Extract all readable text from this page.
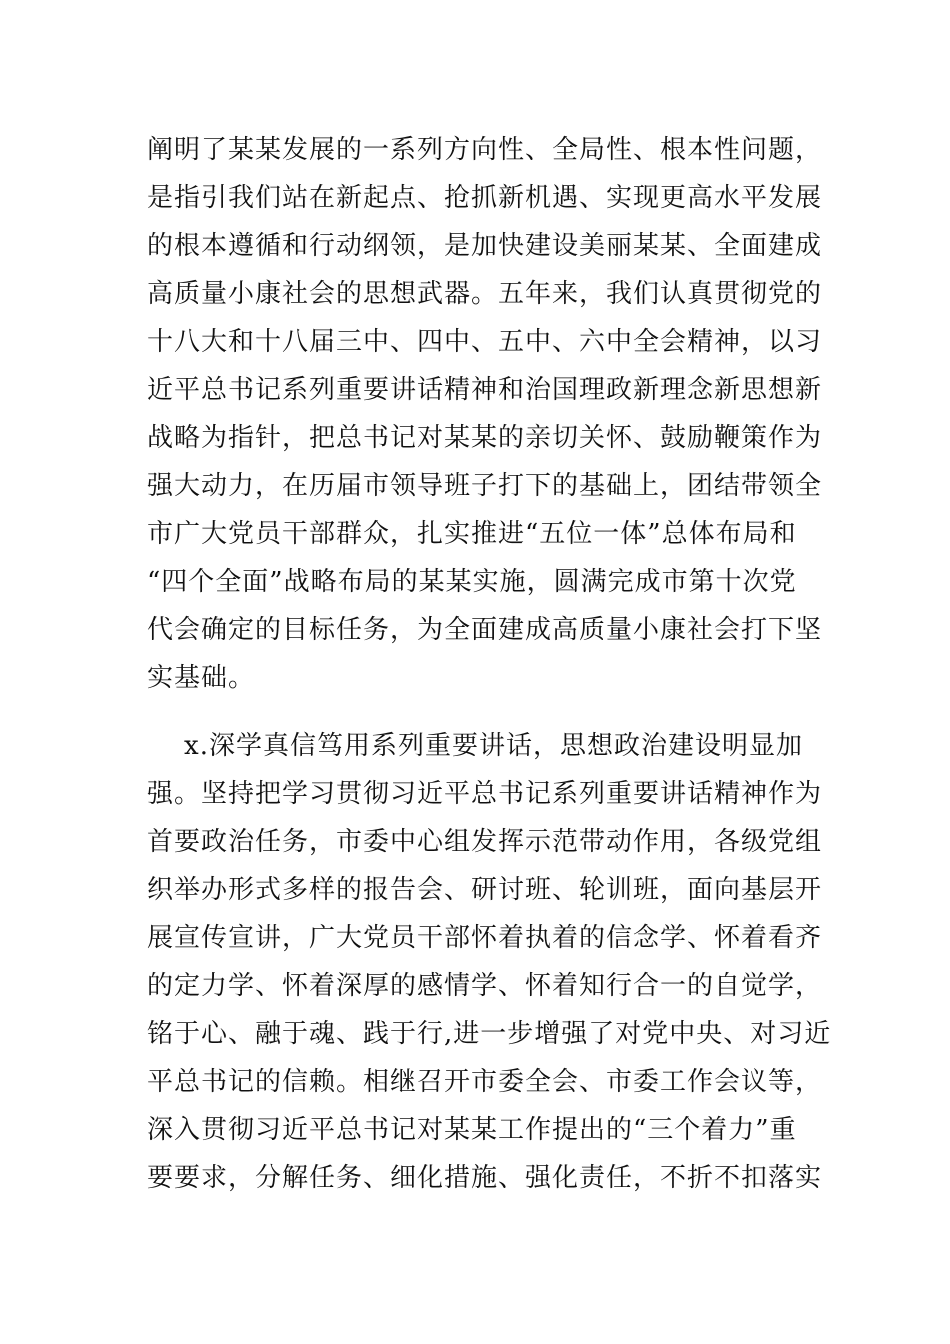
阐明了某某发展的一系列方向性、全局性、根本性问题，
是指引我们站在新起点、抢抓新机遇、实现更高水平发展
的根本遵循和行动纲领，是加快建设美丽某某、全面建成
高质量小康社会的思想武器。五年来，我们认真贯彻党的
十八大和十八届三中、四中、五中、六中全会精神，以习
近平总书记系列重要讲话精神和治国理政新理念新思想新
战略为指针，把总书记对某某的亲切关怀、鼓励鞭策作为
强大动力，在历届市领导班子打下的基础上，团结带领全
市广大党员干部群众，扎实推进“五位一体”总体布局和
“四个全面”战略布局的某某实施，圆满完成市第十次党
代会确定的目标任务，为全面建成高质量小康社会打下坚
实基础。
x.深学真信笃用系列重要讲话，思想政治建设明显加
强。坚持把学习贯彻习近平总书记系列重要讲话精神作为
首要政治任务，市委中心组发挥示范带动作用，各级党组
织举办形式多样的报告会、研讨班、轮训班，面向基层开
展宣传宣讲，广大党员干部怀着执着的信念学、怀着看齐
的定力学、怀着深厚的感情学、怀着知行合一的自觉学，
铭于心、融于魂、践于行,进一步增强了对党中央、对习近
平总书记的信赖。相继召开市委全会、市委工作会议等，
深入贯彻习近平总书记对某某工作提出的“三个着力”重
要要求，分解任务、细化措施、强化责任，不折不扣落实
